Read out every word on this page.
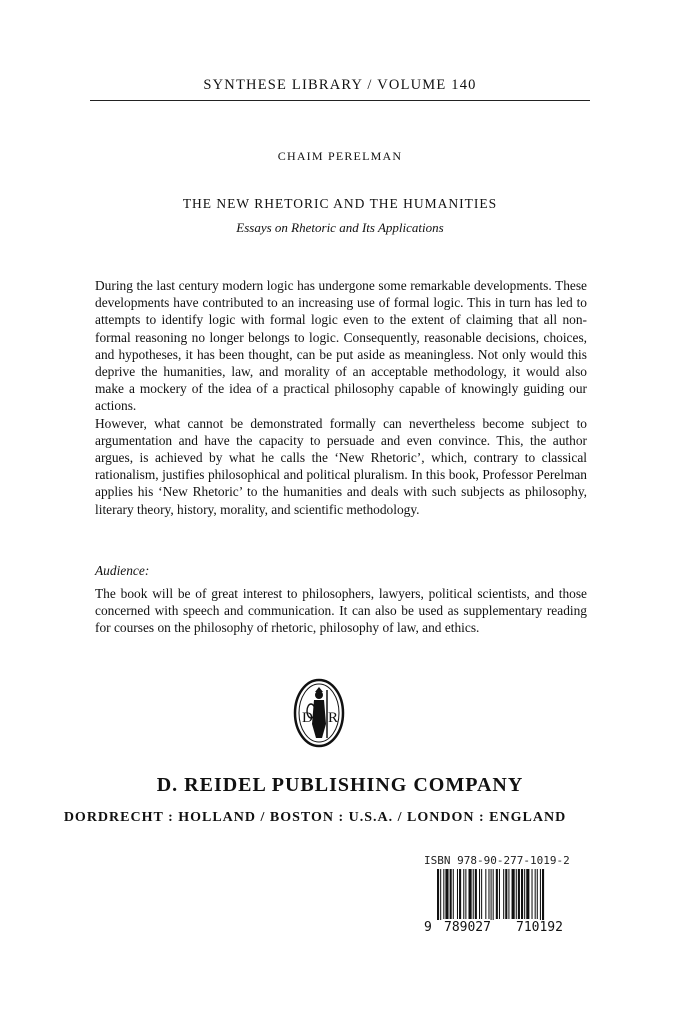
SYNTHESE LIBRARY / VOLUME 140
CHAIM PERELMAN
THE NEW RHETORIC AND THE HUMANITIES
Essays on Rhetoric and Its Applications

During the last century modern logic has undergone some remarkable developments. These developments have contributed to an increasing use of formal logic. This in turn has led to attempts to identify logic with formal logic even to the extent of claiming that all non-formal reasoning no longer belongs to logic. Consequently, reasonable decisions, choices, and hypotheses, it has been thought, can be put aside as meaningless. Not only would this deprive the humanities, law, and morality of an acceptable methodology, it would also make a mockery of the idea of a practical philosophy capable of knowingly guiding our actions.

However, what cannot be demonstrated formally can nevertheless become subject to argumentation and have the capacity to persuade and even convince. This, the author argues, is achieved by what he calls the ‘New Rhetoric’, which, contrary to classical rationalism, justifies philosophical and political pluralism. In this book, Professor Perelman applies his ‘New Rhetoric’ to the humanities and deals with such subjects as philosophy, literary theory, history, morality, and scientific methodology.

Audience:
The book will be of great interest to philosophers, lawyers, political scientists, and those concerned with speech and communication. It can also be used as supplementary reading for courses on the philosophy of rhetoric, philosophy of law, and ethics.
D R
D. REIDEL PUBLISHING COMPANY
DORDRECHT : HOLLAND / BOSTON : U.S.A. / LONDON : ENGLAND
ISBN 978-90-277-1019-2
9 789027 710192
